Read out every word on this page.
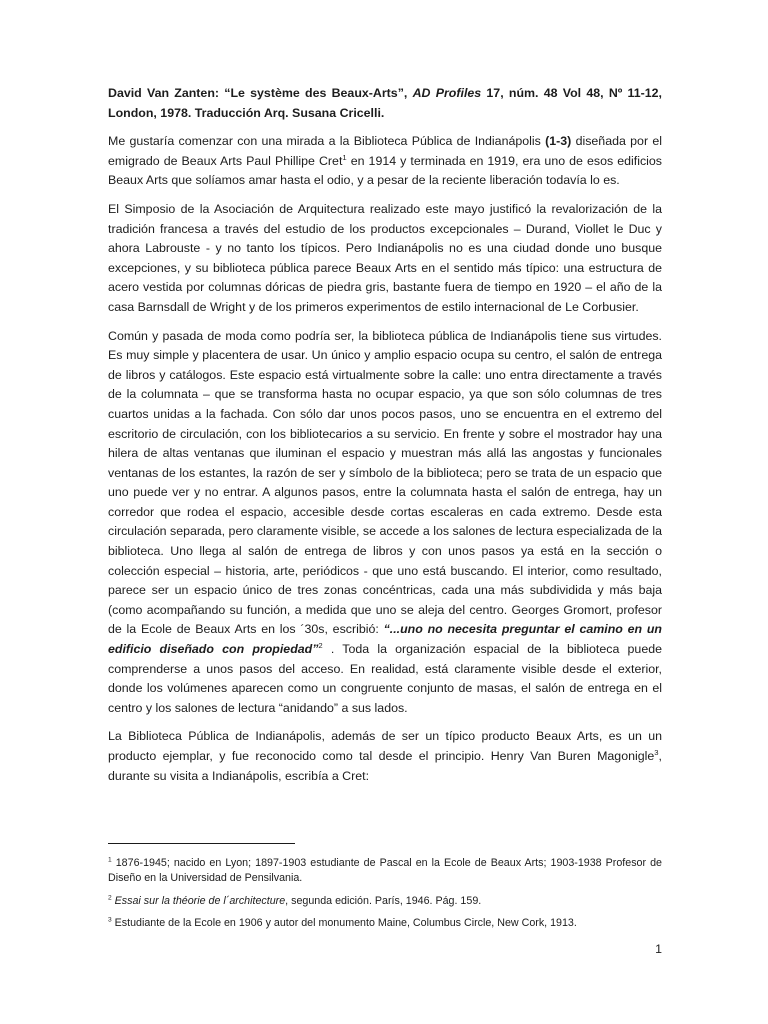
David Van Zanten: “Le système des Beaux-Arts”, AD Profiles 17, núm. 48 Vol 48, Nº 11-12, London, 1978. Traducción Arq. Susana Cricelli.

Me gustaría comenzar con una mirada a la Biblioteca Pública de Indianápolis (1-3) diseñada por el emigrado de Beaux Arts Paul Phillipe Cret$^1$ en 1914 y terminada en 1919, era uno de esos edificios Beaux Arts que solíamos amar hasta el odio, y a pesar de la reciente liberación todavía lo es.

El Simposio de la Asociación de Arquitectura realizado este mayo justificó la revalorización de la tradición francesa a través del estudio de los productos excepcionales – Durand, Viollet le Duc y ahora Labrouste - y no tanto los típicos. Pero Indianápolis no es una ciudad donde uno busque excepciones, y su biblioteca pública parece Beaux Arts en el sentido más típico: una estructura de acero vestida por columnas dóricas de piedra gris, bastante fuera de tiempo en 1920 – el año de la casa Barnsdall de Wright y de los primeros experimentos de estilo internacional de Le Corbusier.

Común y pasada de moda como podría ser, la biblioteca pública de Indianápolis tiene sus virtudes. Es muy simple y placentera de usar. Un único y amplio espacio ocupa su centro, el salón de entrega de libros y catálogos. Este espacio está virtualmente sobre la calle: uno entra directamente a través de la columnata – que se transforma hasta no ocupar espacio, ya que son sólo columnas de tres cuartos unidas a la fachada. Con sólo dar unos pocos pasos, uno se encuentra en el extremo del escritorio de circulación, con los bibliotecarios a su servicio. En frente y sobre el mostrador hay una hilera de altas ventanas que iluminan el espacio y muestran más allá las angostas y funcionales ventanas de los estantes, la razón de ser y símbolo de la biblioteca; pero se trata de un espacio que uno puede ver y no entrar. A algunos pasos, entre la columnata hasta el salón de entrega, hay un corredor que rodea el espacio, accesible desde cortas escaleras en cada extremo. Desde esta circulación separada, pero claramente visible, se accede a los salones de lectura especializada de la biblioteca. Uno llega al salón de entrega de libros y con unos pasos ya está en la sección o colección especial – historia, arte, periódicos - que uno está buscando. El interior, como resultado, parece ser un espacio único de tres zonas concéntricas, cada una más subdividida y más baja (como acompañando su función, a medida que uno se aleja del centro. Georges Gromort, profesor de la Ecole de Beaux Arts en los ´30s, escribió: “...uno no necesita preguntar el camino en un edificio diseñado con propiedad”$^2$ . Toda la organización espacial de la biblioteca puede comprenderse a unos pasos del acceso. En realidad, está claramente visible desde el exterior, donde los volúmenes aparecen como un congruente conjunto de masas, el salón de entrega en el centro y los salones de lectura “anidando” a sus lados.

La Biblioteca Pública de Indianápolis, además de ser un típico producto Beaux Arts, es un un producto ejemplar, y fue reconocido como tal desde el principio. Henry Van Buren Magonigle$^3$, durante su visita a Indianápolis, escribía a Cret:

$^1$ 1876-1945; nacido en Lyon; 1897-1903 estudiante de Pascal en la Ecole de Beaux Arts; 1903-1938 Profesor de Diseño en la Universidad de Pensilvania.

$^2$ Essai sur la théorie de l´architecture, segunda edición. París, 1946. Pág. 159.

$^3$ Estudiante de la Ecole en 1906 y autor del monumento Maine, Columbus Circle, New Cork, 1913.

1
